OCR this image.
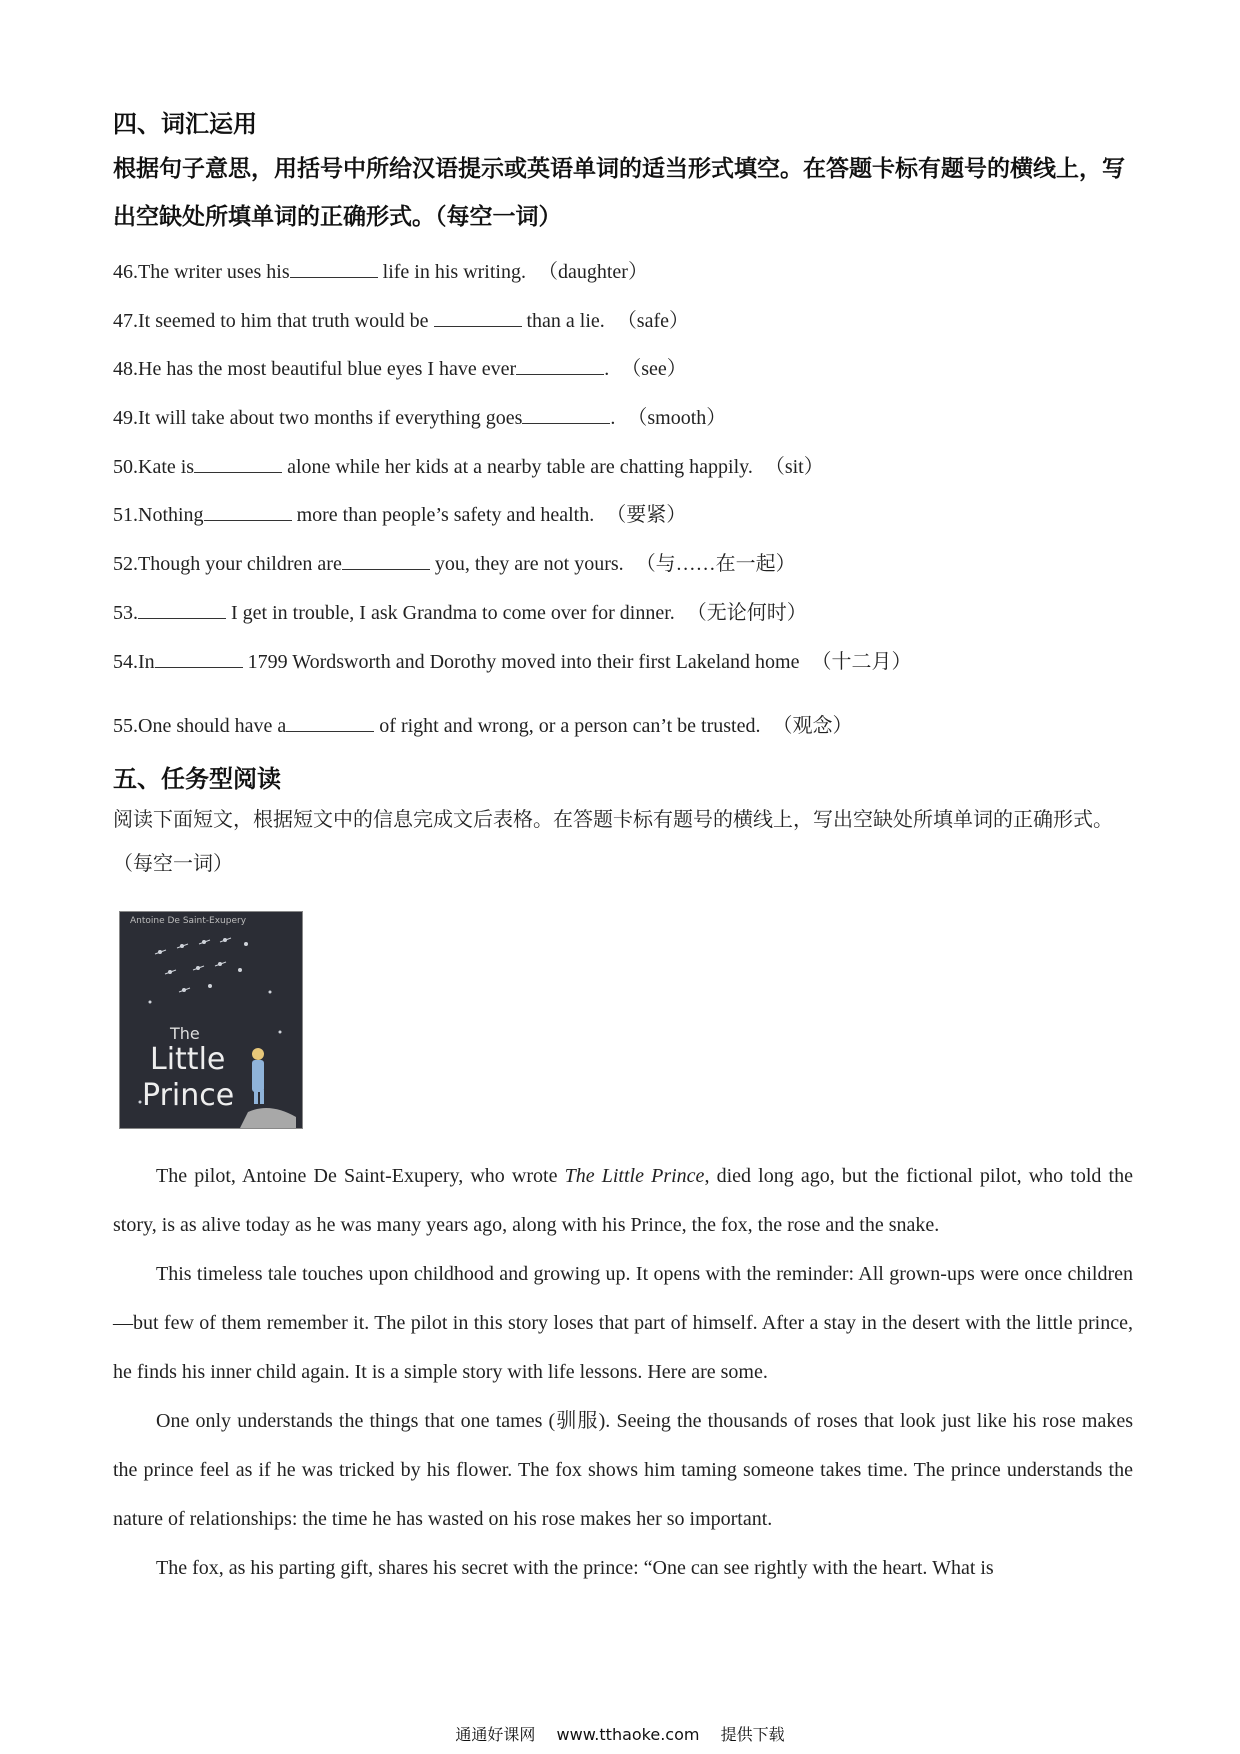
四、词汇运用
根据句子意思，用括号中所给汉语提示或英语单词的适当形式填空。在答题卡标有题号的横线上，写出空缺处所填单词的正确形式。（每空一词）
46.The writer uses his	life in his writing. （daughter）
47.It seemed to him that truth would be	than a lie. （safe）
48.He has the most beautiful blue eyes I have ever	. （see）
49.It will take about two months if everything goes	. （smooth）
50.Kate is	alone while her kids at a nearby table are chatting happily. （sit）
51.Nothing	more than people’s safety and health. （要紧）
52.Though your children are	you, they are not yours. （与……在一起）
53.	I get in trouble, I ask Grandma to come over for dinner. （无论何时）
54.In	1799 Wordsworth and Dorothy moved into their first Lakeland home （十二月）
55.One should have a	of right and wrong, or a person can’t be trusted. （观念）
五、任务型阅读
阅读下面短文，根据短文中的信息完成文后表格。在答题卡标有题号的横线上，写出空缺处所填单词的正确形式。（每空一词）
Antoine De Saint-Exupery
The
Little
Prince
The pilot, Antoine De Saint-Exupery, who wrote The Little Prince, died long ago, but the fictional pilot, who told the story, is as alive today as he was many years ago, along with his Prince, the fox, the rose and the snake.
This timeless tale touches upon childhood and growing up. It opens with the reminder: All grown-ups were once children—but few of them remember it. The pilot in this story loses that part of himself. After a stay in the desert with the little prince, he finds his inner child again. It is a simple story with life lessons. Here are some.
One only understands the things that one tames (驯服). Seeing the thousands of roses that look just like his rose makes the prince feel as if he was tricked by his flower. The fox shows him taming someone takes time. The prince understands the nature of relationships: the time he has wasted on his rose makes her so important.
The fox, as his parting gift, shares his secret with the prince: “One can see rightly with the heart. What is
通通好课网 www.tthaoke.com 提供下载
